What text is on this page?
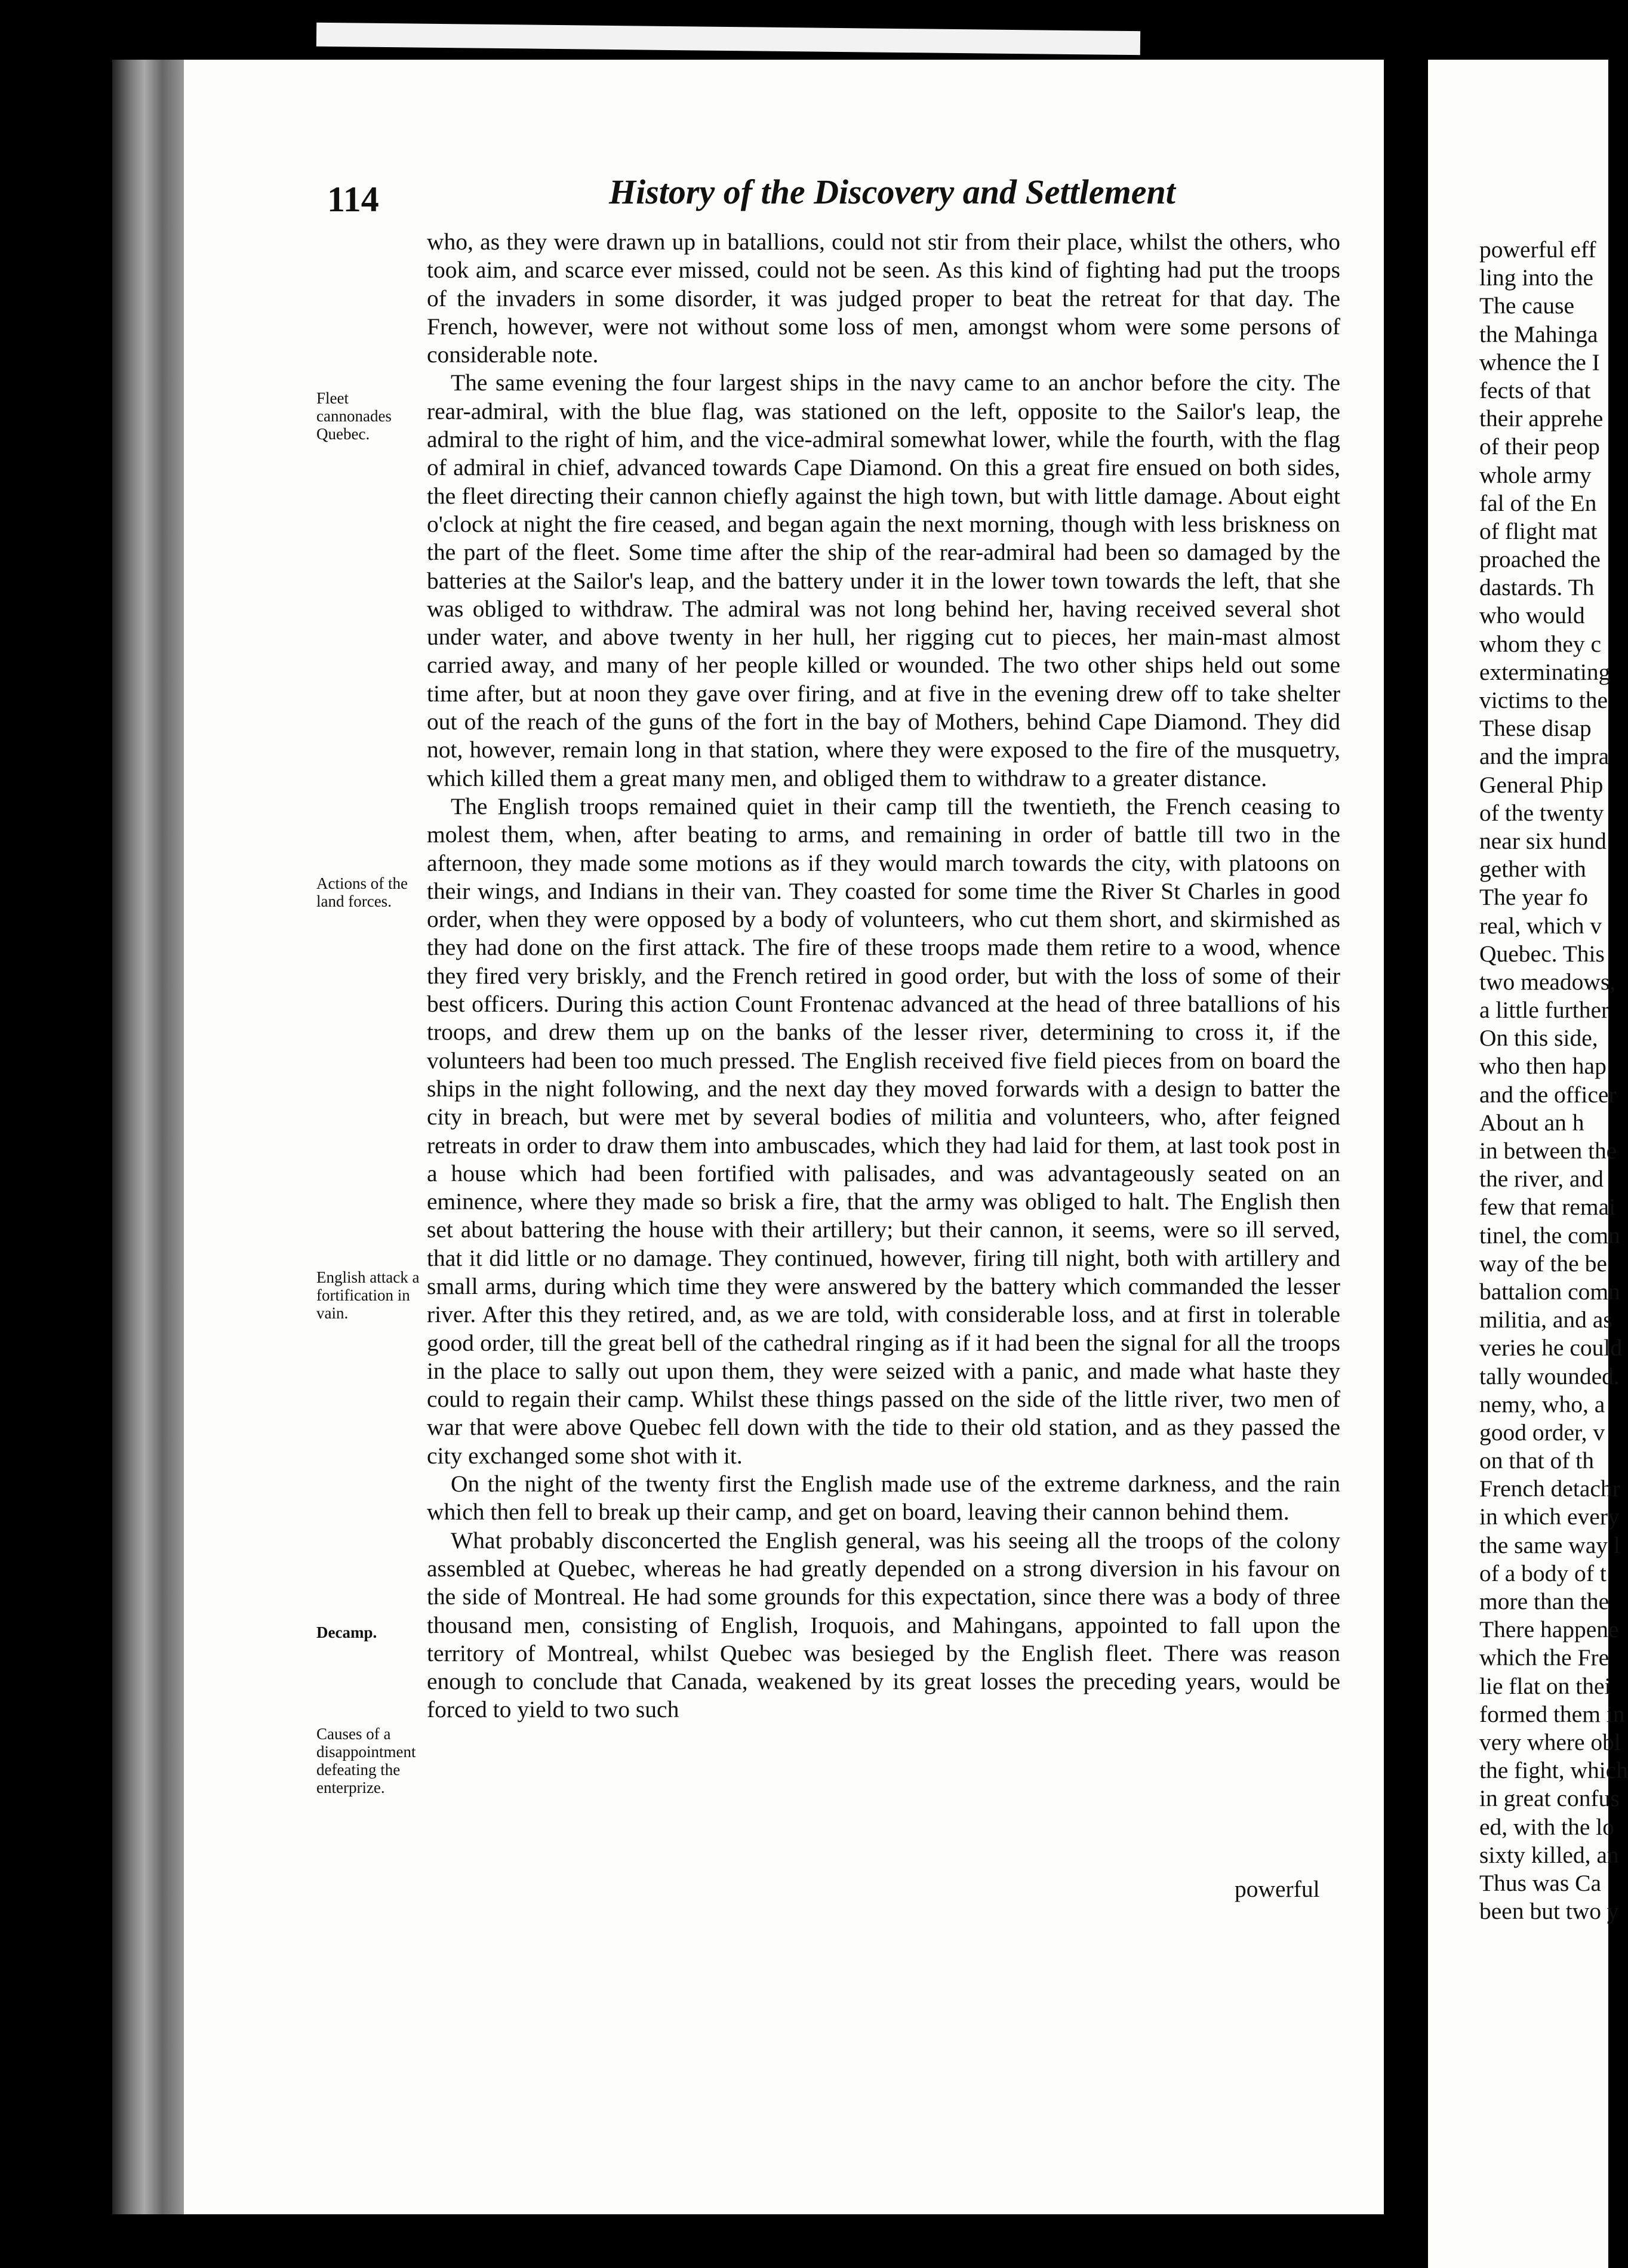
114	History of the Discovery and Settlement

who, as they were drawn up in batallions, could not stir from their place, whilst the others, who took aim, and scarce ever missed, could not be seen. As this kind of fighting had put the troops of the invaders in some disorder, it was judged proper to beat the retreat for that day. The French, however, were not without some loss of men, amongst whom were some persons of considerable note.

The same evening the four largest ships in the navy came to an anchor before the city. The rear-admiral, with the blue flag, was stationed on the left, opposite to the Sailor's leap, the admiral to the right of him, and the vice-admiral somewhat lower, while the fourth, with the flag of admiral in chief, advanced towards Cape Diamond. On this a great fire ensued on both sides, the fleet directing their cannon chiefly against the high town, but with little damage. About eight o'clock at night the fire ceased, and began again the next morning, though with less briskness on the part of the fleet. Some time after the ship of the rear-admiral had been so damaged by the batteries at the Sailor's leap, and the battery under it in the lower town towards the left, that she was obliged to withdraw. The admiral was not long behind her, having received several shot under water, and above twenty in her hull, her rigging cut to pieces, her main-mast almost carried away, and many of her people killed or wounded. The two other ships held out some time after, but at noon they gave over firing, and at five in the evening drew off to take shelter out of the reach of the guns of the fort in the bay of Mothers, behind Cape Diamond. They did not, however, remain long in that station, where they were exposed to the fire of the musquetry, which killed them a great many men, and obliged them to withdraw to a greater distance.

The English troops remained quiet in their camp till the twentieth, the French ceasing to molest them, when, after beating to arms, and remaining in order of battle till two in the afternoon, they made some motions as if they would march towards the city, with platoons on their wings, and Indians in their van. They coasted for some time the River St Charles in good order, when they were opposed by a body of volunteers, who cut them short, and skirmished as they had done on the first attack. The fire of these troops made them retire to a wood, whence they fired very briskly, and the French retired in good order, but with the loss of some of their best officers. During this action Count Frontenac advanced at the head of three batallions of his troops, and drew them up on the banks of the lesser river, determining to cross it, if the volunteers had been too much pressed. The English received five field pieces from on board the ships in the night following, and the next day they moved forwards with a design to batter the city in breach, but were met by several bodies of militia and volunteers, who, after feigned retreats in order to draw them into ambuscades, which they had laid for them, at last took post in a house which had been fortified with palisades, and was advantageously seated on an eminence, where they made so brisk a fire, that the army was obliged to halt. The English then set about battering the house with their artillery; but their cannon, it seems, were so ill served, that it did little or no damage. They continued, however, firing till night, both with artillery and small arms, during which time they were answered by the battery which commanded the lesser river. After this they retired, and, as we are told, with considerable loss, and at first in tolerable good order, till the great bell of the cathedral ringing as if it had been the signal for all the troops in the place to sally out upon them, they were seized with a panic, and made what haste they could to regain their camp. Whilst these things passed on the side of the little river, two men of war that were above Quebec fell down with the tide to their old station, and as they passed the city exchanged some shot with it.

On the night of the twenty first the English made use of the extreme darkness, and the rain which then fell to break up their camp, and get on board, leaving their cannon behind them.

What probably disconcerted the English general, was his seeing all the troops of the colony assembled at Quebec, whereas he had greatly depended on a strong diversion in his favour on the side of Montreal. He had some grounds for this expectation, since there was a body of three thousand men, consisting of English, Iroquois, and Mahingans, appointed to fall upon the territory of Montreal, whilst Quebec was besieged by the English fleet. There was reason enough to conclude that Canada, weakened by its great losses the preceding years, would be forced to yield to two such

powerful
Fleet cannonades Quebec.
Actions of the land forces.
English attack a fortification in vain.
Decamp.
Causes of a disappointment defeating the enterprize.
powerful eff
ling into the
The cause
the Mahinga
whence the I
fects of that
their apprehe
of their peop
whole army
fal of the En
of flight mat
proached the
dastards. Th
who would
whom they c
exterminating
victims to the
These disap
and the impra
General Phip
of the twenty
near six hund
gether with
The year fo
real, which v
Quebec. This
two meadows,
a little further
On this side,
who then hap
and the officer
About an h
in between the
the river, and
few that remai
tinel, the comn
way of the be
battalion comn
militia, and as
veries he could
tally wounded.
nemy, who, a
good order, v
on that of th
French detachr
in which every
the same way l
of a body of t
more than the
There happene
which the Fre
lie flat on thei
formed them in
very where obl
the fight, which
in great confus
ed, with the lo
sixty killed, an
Thus was Ca
been but two y
